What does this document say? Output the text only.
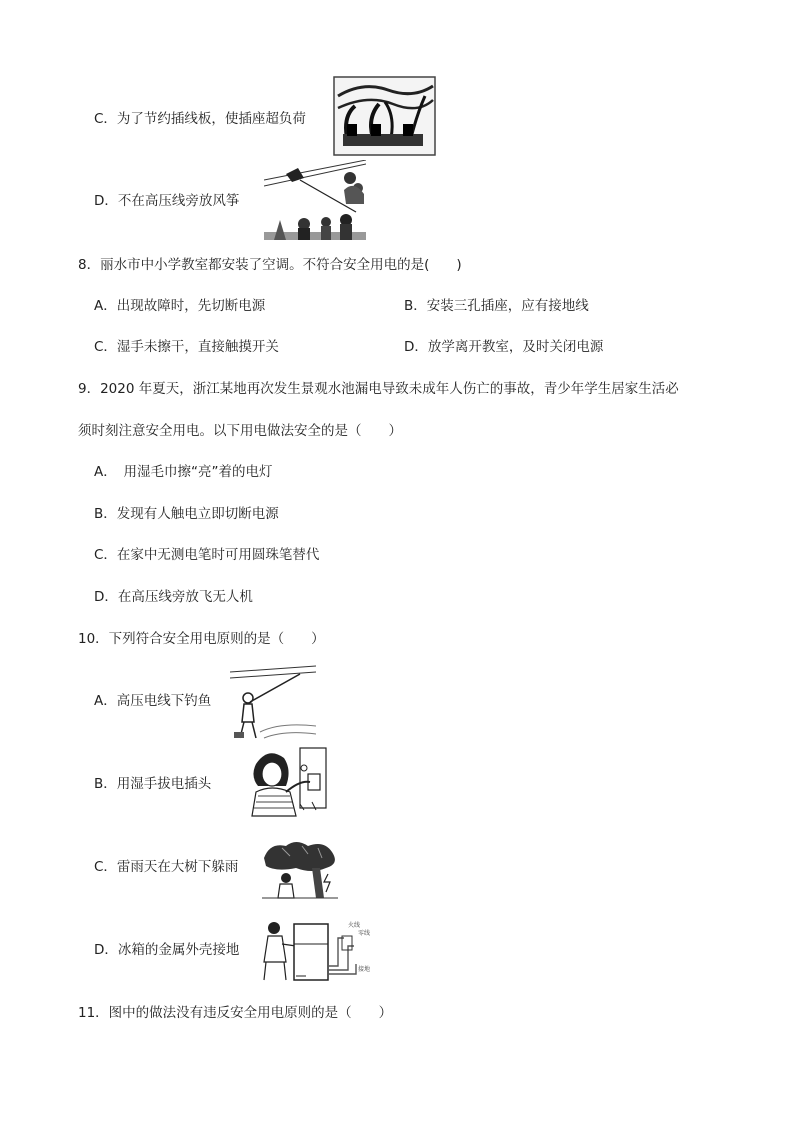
C．为了节约插线板，使插座超负荷
D．不在高压线旁放风筝
8．丽水市中小学教室都安装了空调。不符合安全用电的是(　　)
A．出现故障时，先切断电源	B．安装三孔插座，应有接地线
C．湿手未擦干，直接触摸开关	D．放学离开教室，及时关闭电源
9．2020 年夏天，浙江某地再次发生景观水池漏电导致未成年人伤亡的事故，青少年学生居家生活必
须时刻注意安全用电。以下用电做法安全的是（　　）
A．　用湿毛巾擦“亮”着的电灯
B．发现有人触电立即切断电源
C．在家中无测电笔时可用圆珠笔替代
D．在高压线旁放飞无人机
10．下列符合安全用电原则的是（　　）
A．高压电线下钓鱼
B．用湿手拔电插头
C．雷雨天在大树下躲雨
D．冰箱的金属外壳接地
火线
零线
接地
11．图中的做法没有违反安全用电原则的是（　　）
